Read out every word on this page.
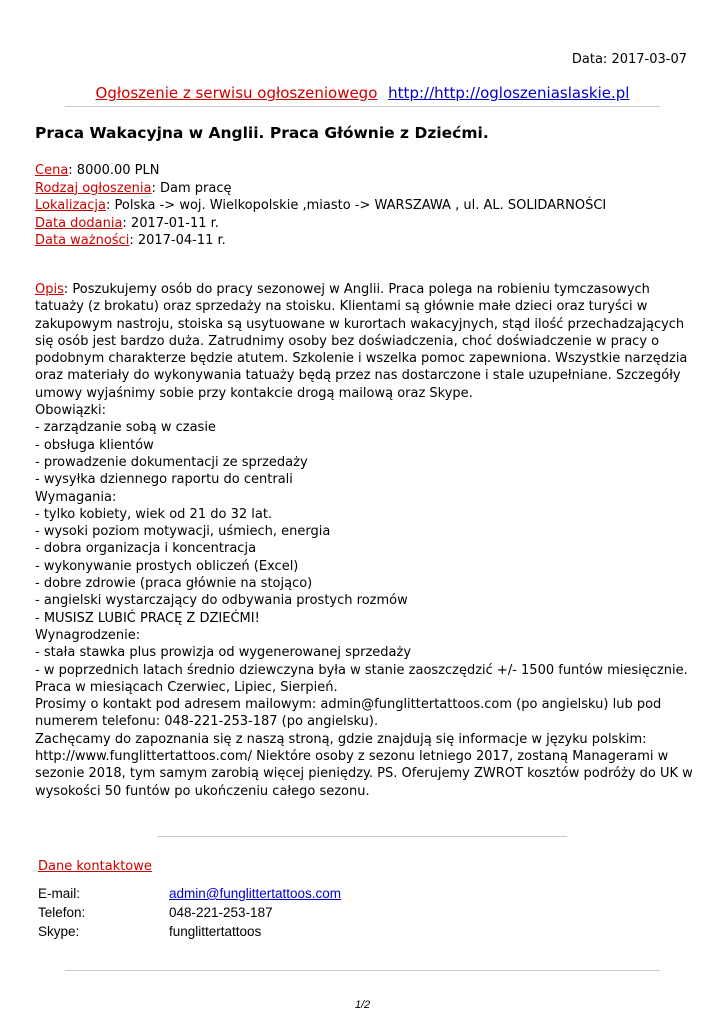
Data: 2017-03-07
Ogłoszenie z serwisu ogłoszeniowego http://http://ogloszeniaslaskie.pl
Praca Wakacyjna w Anglii. Praca Głównie z Dziećmi.
Cena: 8000.00 PLN
Rodzaj ogłoszenia: Dam pracę
Lokalizacja: Polska -> woj. Wielkopolskie ,miasto -> WARSZAWA , ul. AL. SOLIDARNOŚCI
Data dodania: 2017-01-11 r.
Data ważności: 2017-04-11 r.

Opis: Poszukujemy osób do pracy sezonowej w Anglii. Praca polega na robieniu tymczasowych tatuaży (z brokatu) oraz sprzedaży na stoisku. Klientami są głównie małe dzieci oraz turyści w zakupowym nastroju, stoiska są usytuowane w kurortach wakacyjnych, stąd ilość przechadzających się osób jest bardzo duża. Zatrudnimy osoby bez doświadczenia, choć doświadczenie w pracy o podobnym charakterze będzie atutem. Szkolenie i wszelka pomoc zapewniona. Wszystkie narzędzia oraz materiały do wykonywania tatuaży będą przez nas dostarczone i stale uzupełniane. Szczegóły umowy wyjaśnimy sobie przy kontakcie drogą mailową oraz Skype.

Obowiązki:

- zarządzanie sobą w czasie

- obsługa klientów

- prowadzenie dokumentacji ze sprzedaży

- wysyłka dziennego raportu do centrali

Wymagania:

- tylko kobiety, wiek od 21 do 32 lat.

- wysoki poziom motywacji, uśmiech, energia

- dobra organizacja i koncentracja

- wykonywanie prostych obliczeń (Excel)

- dobre zdrowie (praca głównie na stojąco)

- angielski wystarczający do odbywania prostych rozmów

- MUSISZ LUBIĆ PRACĘ Z DZIEĆMI!

Wynagrodzenie:

- stała stawka plus prowizja od wygenerowanej sprzedaży

- w poprzednich latach średnio dziewczyna była w stanie zaoszczędzić +/- 1500 funtów miesięcznie.

Praca w miesiącach Czerwiec, Lipiec, Sierpień.

Prosimy o kontakt pod adresem mailowym: admin@funglittertattoos.com (po angielsku) lub pod numerem telefonu: 048-221-253-187 (po angielsku).

Zachęcamy do zapoznania się z naszą stroną, gdzie znajdują się informacje w języku polskim: http://www.funglittertattoos.com/ Niektóre osoby z sezonu letniego 2017, zostaną Managerami w sezonie 2018, tym samym zarobią więcej pieniędzy. PS. Oferujemy ZWROT kosztów podróży do UK w wysokości 50 funtów po ukończeniu całego sezonu.

Dane kontaktowe
E-mail:	admin@funglittertattoos.com
Telefon:	048-221-253-187
Skype:	funglittertattoos
1/2
